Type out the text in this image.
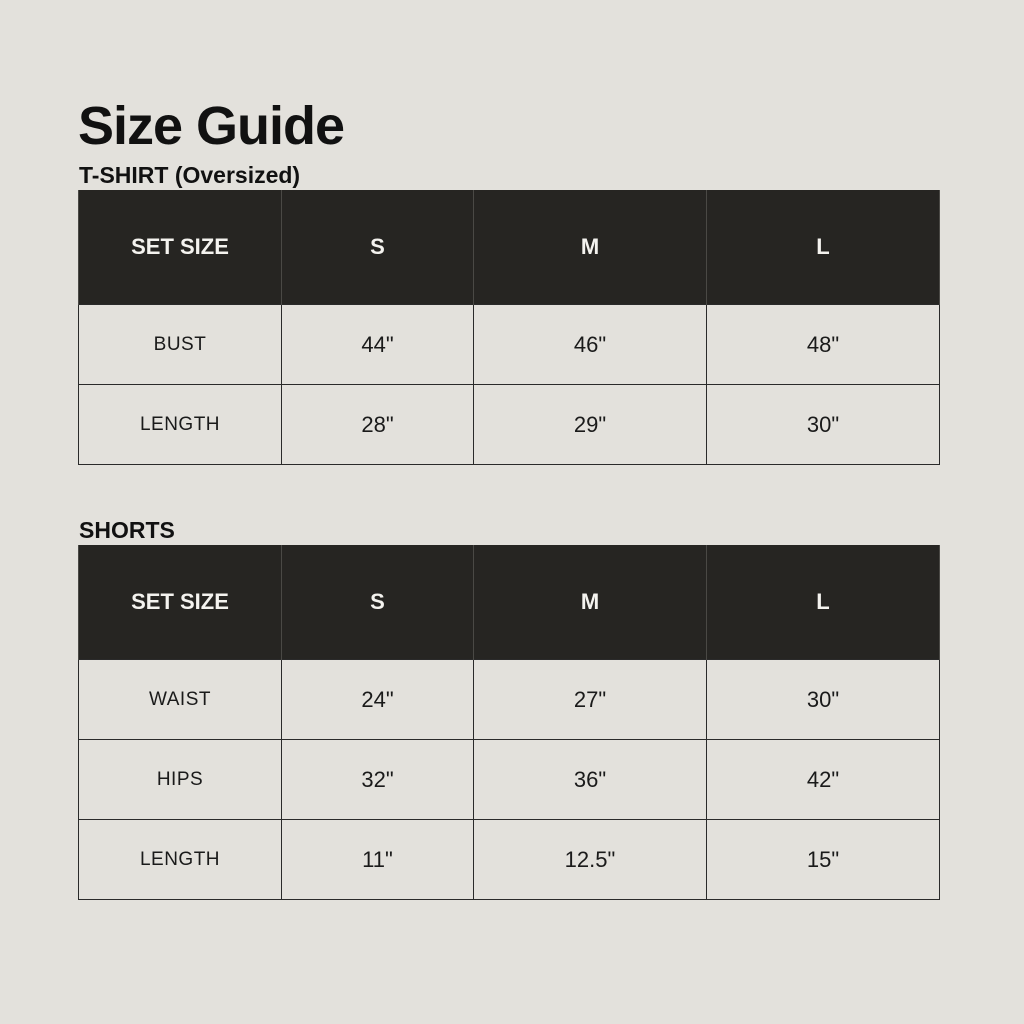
Size Guide
T-SHIRT (Oversized)
SET SIZE	S	M	L
BUST	44"	46"	48"
LENGTH	28"	29"	30"
SHORTS
SET SIZE	S	M	L
WAIST	24"	27"	30"
HIPS	32"	36"	42"
LENGTH	11"	12.5"	15"
